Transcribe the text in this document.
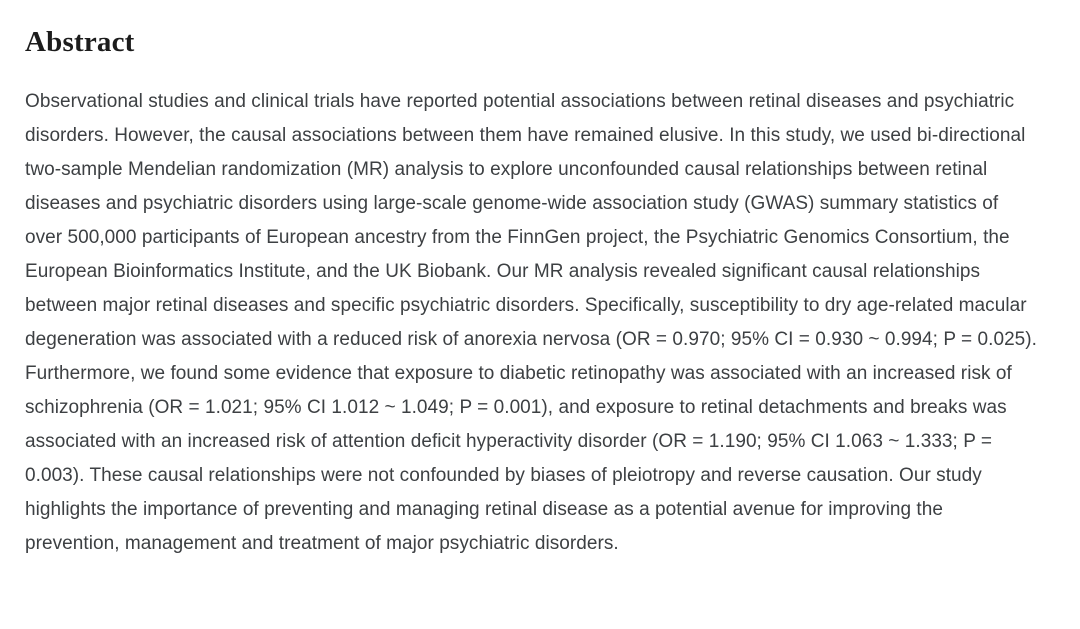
Abstract

Observational studies and clinical trials have reported potential associations between retinal diseases and psychiatric disorders. However, the causal associations between them have remained elusive. In this study, we used bi-directional two-sample Mendelian randomization (MR) analysis to explore unconfounded causal relationships between retinal diseases and psychiatric disorders using large-scale genome-wide association study (GWAS) summary statistics of over 500,000 participants of European ancestry from the FinnGen project, the Psychiatric Genomics Consortium, the European Bioinformatics Institute, and the UK Biobank. Our MR analysis revealed significant causal relationships between major retinal diseases and specific psychiatric disorders. Specifically, susceptibility to dry age-related macular degeneration was associated with a reduced risk of anorexia nervosa (OR = 0.970; 95% CI = 0.930 ~ 0.994; P = 0.025). Furthermore, we found some evidence that exposure to diabetic retinopathy was associated with an increased risk of schizophrenia (OR = 1.021; 95% CI 1.012 ~ 1.049; P = 0.001), and exposure to retinal detachments and breaks was associated with an increased risk of attention deficit hyperactivity disorder (OR = 1.190; 95% CI 1.063 ~ 1.333; P = 0.003). These causal relationships were not confounded by biases of pleiotropy and reverse causation. Our study highlights the importance of preventing and managing retinal disease as a potential avenue for improving the prevention, management and treatment of major psychiatric disorders.
